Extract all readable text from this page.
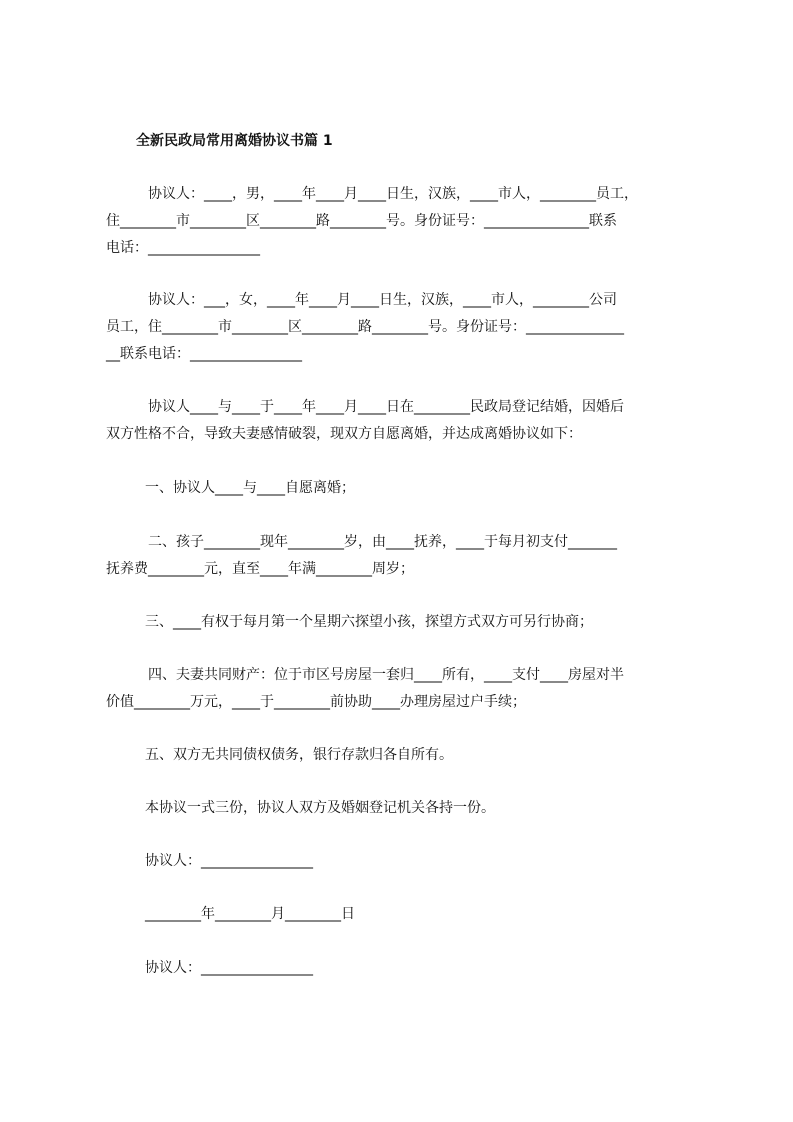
全新民政局常用离婚协议书篇 1
协议人：____，男，____年____月____日生，汉族，____市人，________员工，
住________市________区________路________号。身份证号：_______________联系
电话：________________
协议人：___，女，____年____月____日生，汉族，____市人，________公司
员工，住________市________区________路________号。身份证号：______________
__联系电话：________________
协议人____与____于____年____月____日在________民政局登记结婚，因婚后
双方性格不合，导致夫妻感情破裂，现双方自愿离婚，并达成离婚协议如下：
一、协议人____与____自愿离婚；
二、孩子________现年________岁，由____抚养，____于每月初支付_______
抚养费________元，直至____年满________周岁；
三、____有权于每月第一个星期六探望小孩，探望方式双方可另行协商；
四、夫妻共同财产：位于市区号房屋一套归____所有，____支付____房屋对半
价值________万元，____于________前协助____办理房屋过户手续；
五、双方无共同债权债务，银行存款归各自所有。
本协议一式三份，协议人双方及婚姻登记机关各持一份。
协议人：________________
________年________月________日
协议人：________________
